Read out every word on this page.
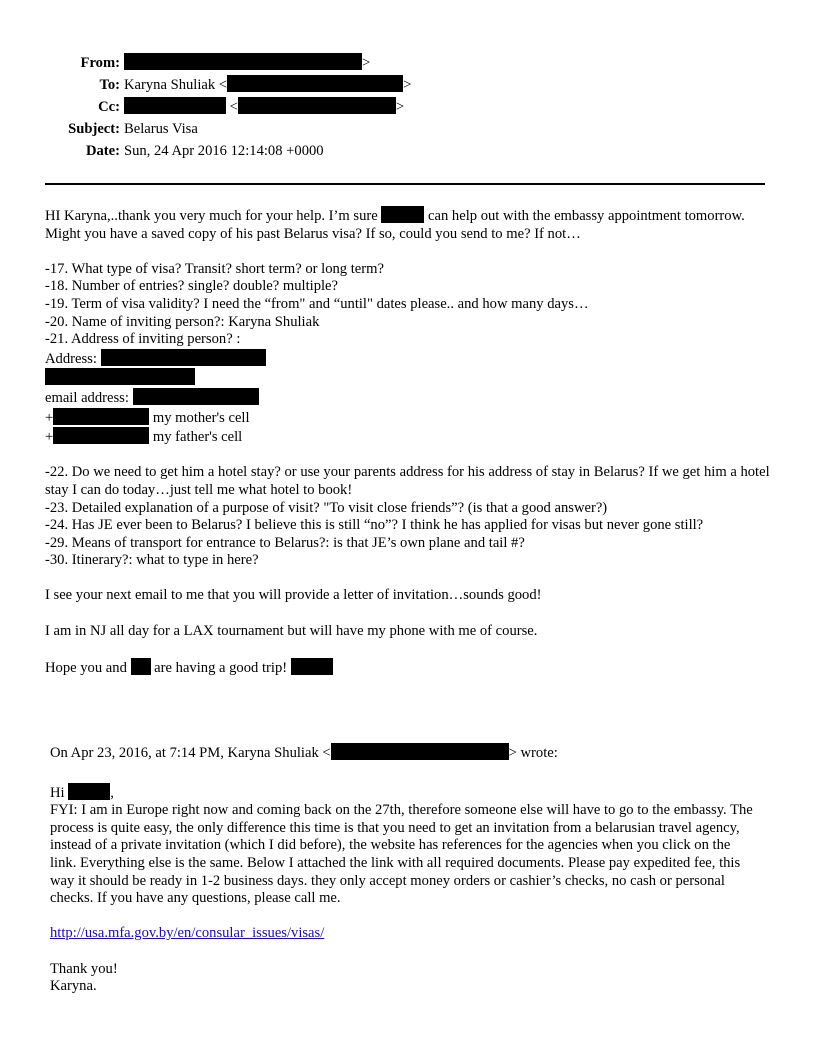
From:	>
To: Karyna Shuliak <	>
Cc:	<	>
Subject: Belarus Visa
Date: Sun, 24 Apr 2016 12:14:08 +0000

HI Karyna,..thank you very much for your help. I’m sure	can help out with the embassy appointment tomorrow. Might you have a saved copy of his past Belarus visa? If so, could you send to me? If not…

-17. What type of visa? Transit? short term? or long term?

-18. Number of entries? single? double? multiple?

-19. Term of visa validity? I need the “from" and “until" dates please.. and how many days…

-20. Name of inviting person?: Karyna Shuliak

-21. Address of inviting person? :

Address:

email address:

+	my mother's cell

+	my father's cell

-22. Do we need to get him a hotel stay? or use your parents address for his address of stay in Belarus? If we get him a hotel stay I can do today…just tell me what hotel to book!

-23. Detailed explanation of a purpose of visit? "To visit close friends”? (is that a good answer?)

-24. Has JE ever been to Belarus? I believe this is still “no”? I think he has applied for visas but never gone still?

-29. Means of transport for entrance to Belarus?: is that JE’s own plane and tail #?

-30. Itinerary?: what to type in here?

I see your next email to me that you will provide a letter of invitation…sounds good!

I am in NJ all day for a LAX tournament but will have my phone with me of course.

Hope you and  are having a good trip!

On Apr 23, 2016, at 7:14 PM, Karyna Shuliak <	> wrote:

Hi	,

FYI: I am in Europe right now and coming back on the 27th, therefore someone else will have to go to the embassy. The process is quite easy, the only difference this time is that you need to get an invitation from a belarusian travel agency, instead of a private invitation (which I did before), the website has references for the agencies when you click on the link. Everything else is the same. Below I attached the link with all required documents. Please pay expedited fee, this way it should be ready in 1-2 business days. they only accept money orders or cashier’s checks, no cash or personal checks. If you have any questions, please call me.

http://usa.mfa.gov.by/en/consular_issues/visas/

Thank you!

Karyna.
